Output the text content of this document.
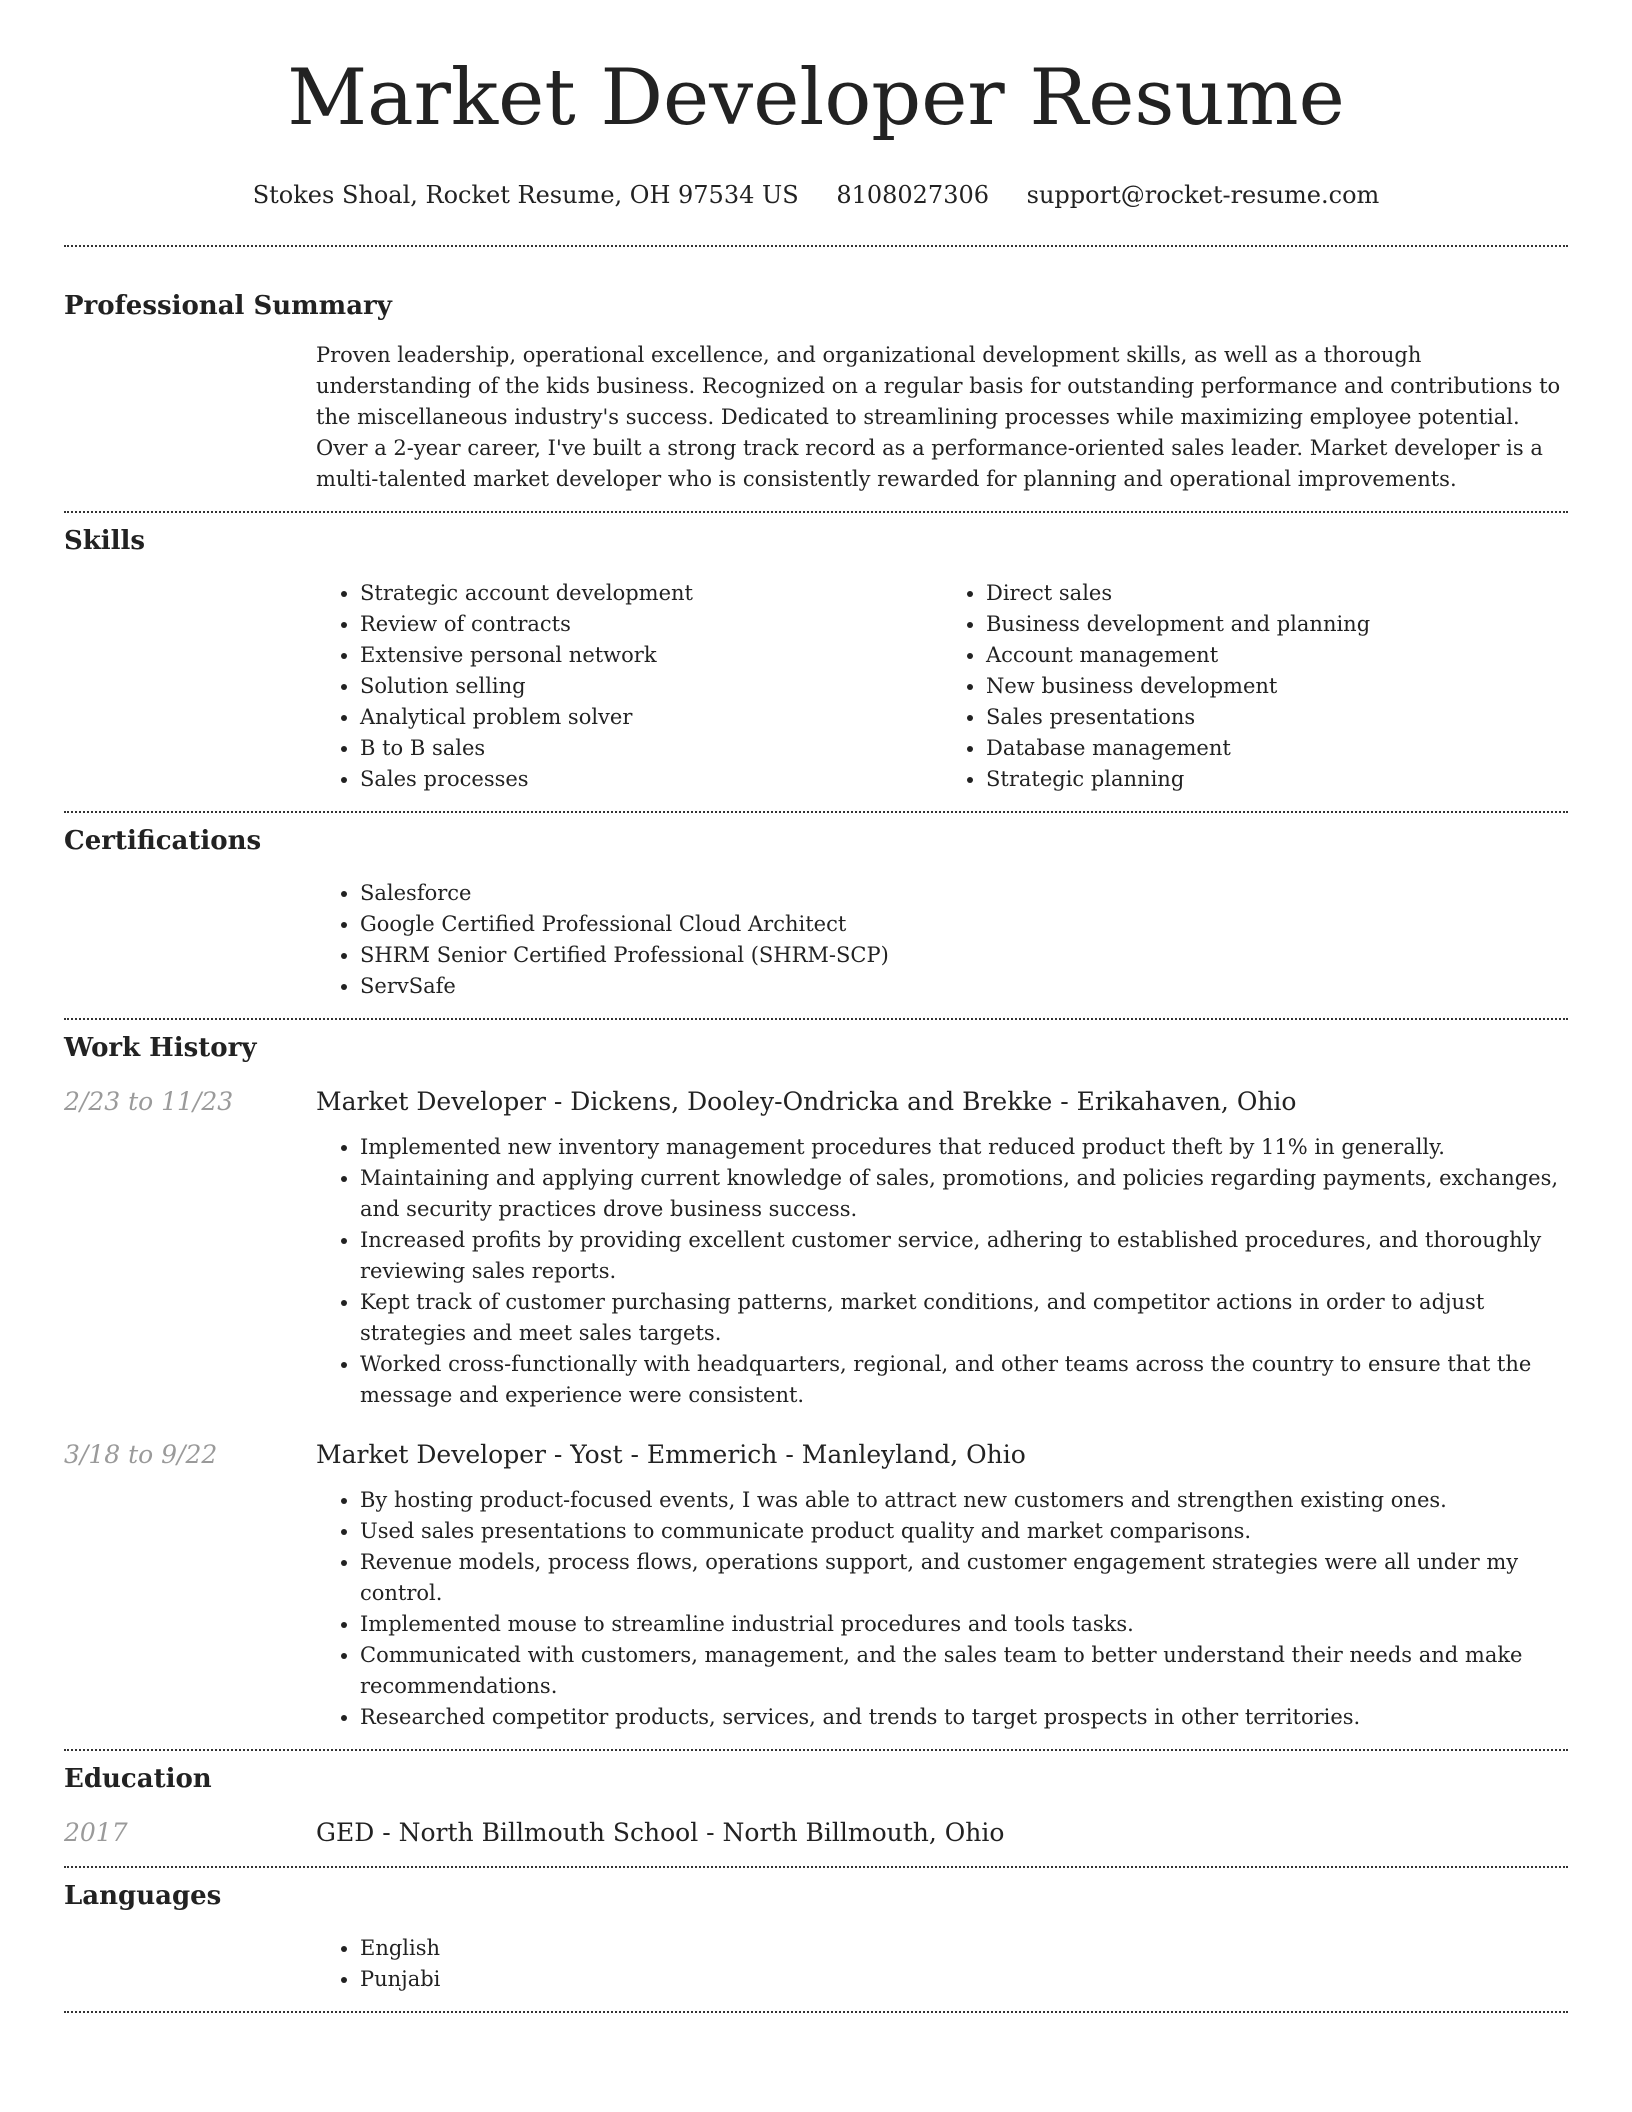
Market Developer Resume
Stokes Shoal, Rocket Resume, OH 97534 US 8108027306 support@rocket-resume.com
Professional Summary

Proven leadership, operational excellence, and organizational development skills, as well as a thorough understanding of the kids business. Recognized on a regular basis for outstanding performance and contributions to the miscellaneous industry's success. Dedicated to streamlining processes while maximizing employee potential. Over a 2-year career, I've built a strong track record as a performance-oriented sales leader. Market developer is a multi-talented market developer who is consistently rewarded for planning and operational improvements.

Skills
• Strategic account development
• Review of contracts
• Extensive personal network
• Solution selling
• Analytical problem solver
• B to B sales
• Sales processes
• Direct sales
• Business development and planning
• Account management
• New business development
• Sales presentations
• Database management
• Strategic planning
Certifications
• Salesforce
• Google Certified Professional Cloud Architect
• SHRM Senior Certified Professional (SHRM-SCP)
• ServSafe
Work History
2/23 to 11/23	Market Developer - Dickens, Dooley-Ondricka and Brekke - Erikahaven, Ohio
• Implemented new inventory management procedures that reduced product theft by 11% in generally.
• Maintaining and applying current knowledge of sales, promotions, and policies regarding payments, exchanges, and security practices drove business success.
• Increased profits by providing excellent customer service, adhering to established procedures, and thoroughly reviewing sales reports.
• Kept track of customer purchasing patterns, market conditions, and competitor actions in order to adjust strategies and meet sales targets.
• Worked cross-functionally with headquarters, regional, and other teams across the country to ensure that the message and experience were consistent.
3/18 to 9/22	Market Developer - Yost - Emmerich - Manleyland, Ohio
• By hosting product-focused events, I was able to attract new customers and strengthen existing ones.
• Used sales presentations to communicate product quality and market comparisons.
• Revenue models, process flows, operations support, and customer engagement strategies were all under my control.
• Implemented mouse to streamline industrial procedures and tools tasks.
• Communicated with customers, management, and the sales team to better understand their needs and make recommendations.
• Researched competitor products, services, and trends to target prospects in other territories.
Education
2017	GED - North Billmouth School - North Billmouth, Ohio
Languages
• English
• Punjabi
